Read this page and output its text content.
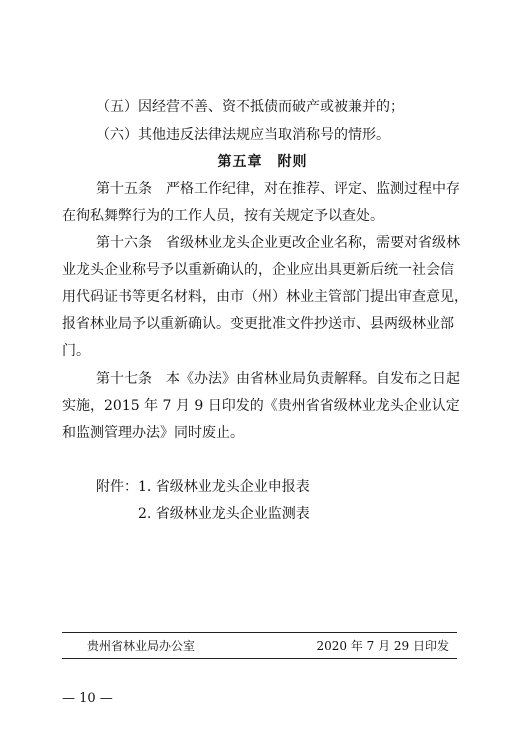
（五）因经营不善、资不抵债而破产或被兼并的；
（六）其他违反法律法规应当取消称号的情形。
第五章　附则
第十五条　严格工作纪律，对在推荐、评定、监测过程中存
在徇私舞弊行为的工作人员，按有关规定予以查处。
第十六条　省级林业龙头企业更改企业名称，需要对省级林
业龙头企业称号予以重新确认的，企业应出具更新后统一社会信
用代码证书等更名材料，由市（州）林业主管部门提出审查意见，
报省林业局予以重新确认。变更批准文件抄送市、县两级林业部
门。
第十七条　本《办法》由省林业局负责解释。自发布之日起
实施，2015 年 7 月 9 日印发的《贵州省省级林业龙头企业认定
和监测管理办法》同时废止。
附件： 1. 省级林业龙头企业申报表
2. 省级林业龙头企业监测表
贵州省林业局办公室	2020 年 7 月 29 日印发
— 10 —
